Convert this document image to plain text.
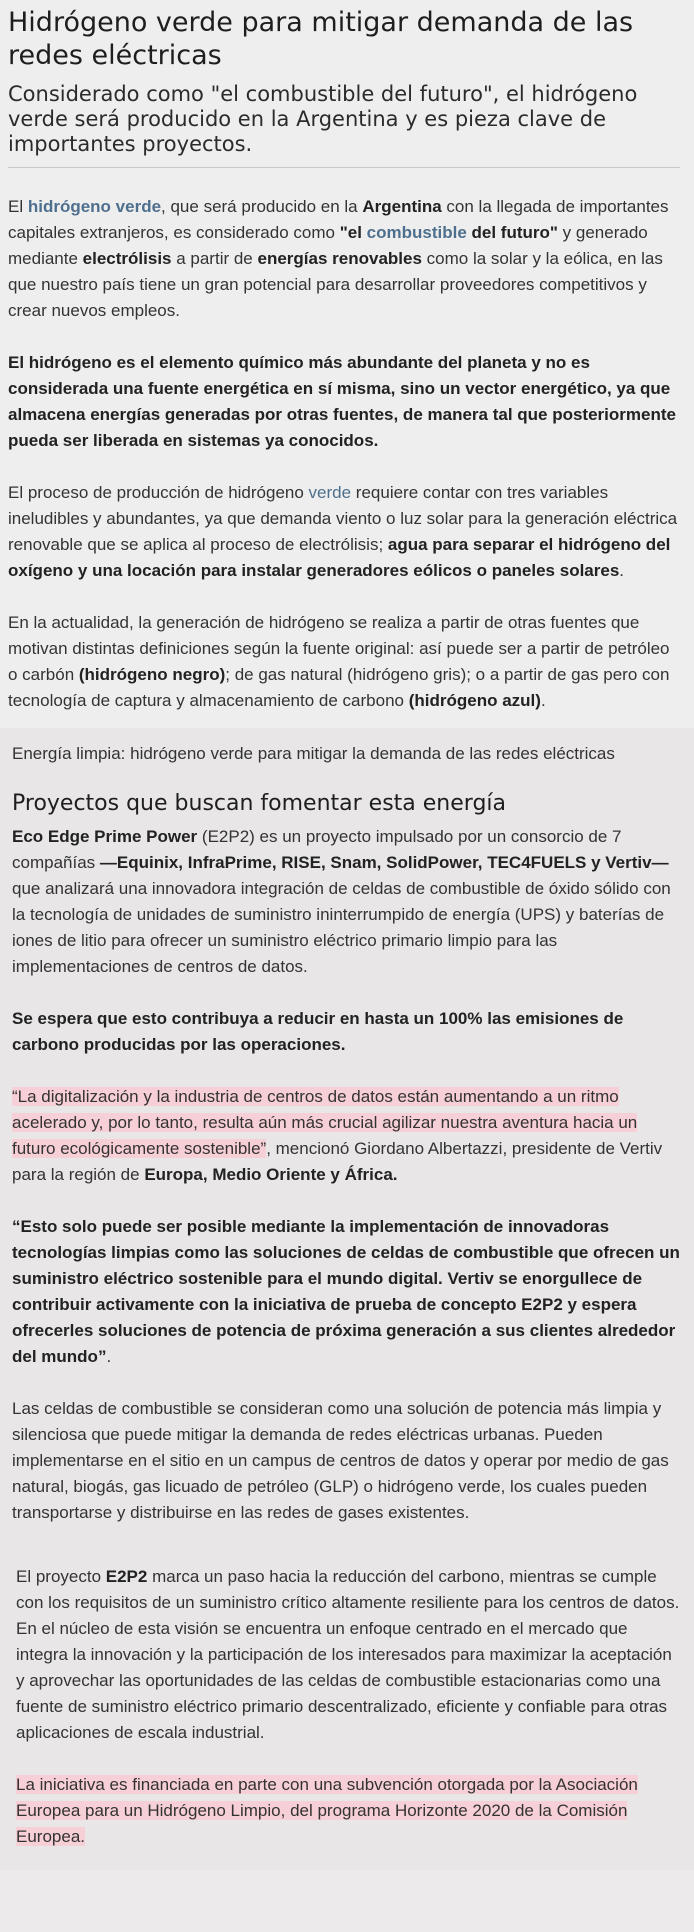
Hidrógeno verde para mitigar demanda de las redes eléctricas
Considerado como "el combustible del futuro", el hidrógeno verde será producido en la Argentina y es pieza clave de importantes proyectos.

El hidrógeno verde, que será producido en la Argentina con la llegada de importantes capitales extranjeros, es considerado como "el combustible del futuro" y generado mediante electrólisis a partir de energías renovables como la solar y la eólica, en las que nuestro país tiene un gran potencial para desarrollar proveedores competitivos y crear nuevos empleos.

El hidrógeno es el elemento químico más abundante del planeta y no es considerada una fuente energética en sí misma, sino un vector energético, ya que almacena energías generadas por otras fuentes, de manera tal que posteriormente pueda ser liberada en sistemas ya conocidos.

El proceso de producción de hidrógeno verde requiere contar con tres variables ineludibles y abundantes, ya que demanda viento o luz solar para la generación eléctrica renovable que se aplica al proceso de electrólisis; agua para separar el hidrógeno del oxígeno y una locación para instalar generadores eólicos o paneles solares.

En la actualidad, la generación de hidrógeno se realiza a partir de otras fuentes que motivan distintas definiciones según la fuente original: así puede ser a partir de petróleo o carbón (hidrógeno negro); de gas natural (hidrógeno gris); o a partir de gas pero con tecnología de captura y almacenamiento de carbono (hidrógeno azul).

Energía limpia: hidrógeno verde para mitigar la demanda de las redes eléctricas

Proyectos que buscan fomentar esta energía

Eco Edge Prime Power (E2P2) es un proyecto impulsado por un consorcio de 7 compañías —Equinix, InfraPrime, RISE, Snam, SolidPower, TEC4FUELS y Vertiv— que analizará una innovadora integración de celdas de combustible de óxido sólido con la tecnología de unidades de suministro ininterrumpido de energía (UPS) y baterías de iones de litio para ofrecer un suministro eléctrico primario limpio para las implementaciones de centros de datos.

Se espera que esto contribuya a reducir en hasta un 100% las emisiones de carbono producidas por las operaciones.

“La digitalización y la industria de centros de datos están aumentando a un ritmo acelerado y, por lo tanto, resulta aún más crucial agilizar nuestra aventura hacia un futuro ecológicamente sostenible”, mencionó Giordano Albertazzi, presidente de Vertiv para la región de Europa, Medio Oriente y África.

“Esto solo puede ser posible mediante la implementación de innovadoras tecnologías limpias como las soluciones de celdas de combustible que ofrecen un suministro eléctrico sostenible para el mundo digital. Vertiv se enorgullece de contribuir activamente con la iniciativa de prueba de concepto E2P2 y espera ofrecerles soluciones de potencia de próxima generación a sus clientes alrededor del mundo”.

Las celdas de combustible se consideran como una solución de potencia más limpia y silenciosa que puede mitigar la demanda de redes eléctricas urbanas. Pueden implementarse en el sitio en un campus de centros de datos y operar por medio de gas natural, biogás, gas licuado de petróleo (GLP) o hidrógeno verde, los cuales pueden transportarse y distribuirse en las redes de gases existentes.

El proyecto E2P2 marca un paso hacia la reducción del carbono, mientras se cumple con los requisitos de un suministro crítico altamente resiliente para los centros de datos. En el núcleo de esta visión se encuentra un enfoque centrado en el mercado que integra la innovación y la participación de los interesados para maximizar la aceptación y aprovechar las oportunidades de las celdas de combustible estacionarias como una fuente de suministro eléctrico primario descentralizado, eficiente y confiable para otras aplicaciones de escala industrial.

La iniciativa es financiada en parte con una subvención otorgada por la Asociación Europea para un Hidrógeno Limpio, del programa Horizonte 2020 de la Comisión Europea.
